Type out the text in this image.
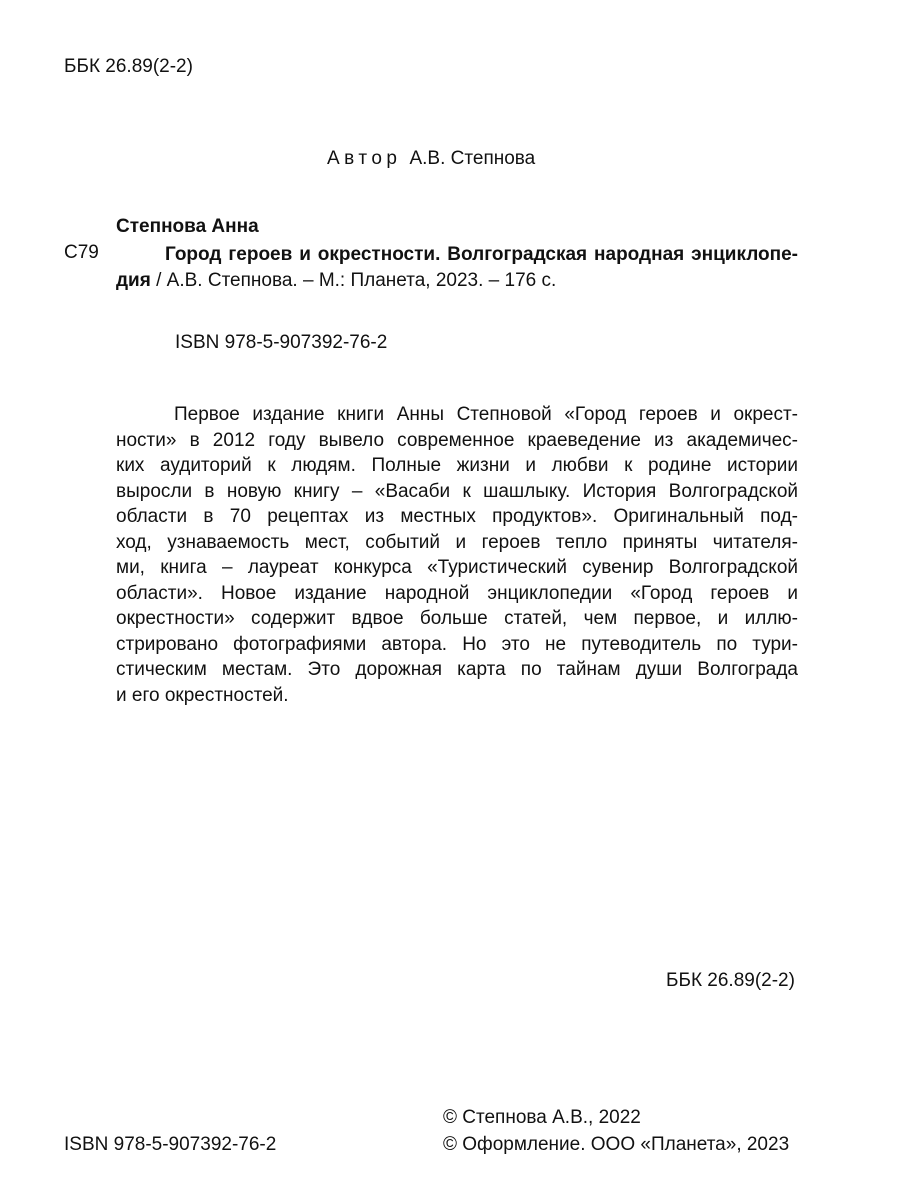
ББК 26.89(2-2)
Автор А.В. Степнова
Степнова Анна
С79	Город героев и окрестности. Волгоградская народная энциклопе-
дия / А.В. Степнова. – М.: Планета, 2023. – 176 с.
ISBN 978-5-907392-76-2
Первое издание книги Анны Степновой «Город героев и окрест-
ности» в 2012 году вывело современное краеведение из академичес-
ких аудиторий к людям. Полные жизни и любви к родине истории
выросли в новую книгу – «Васаби к шашлыку. История Волгоградской
области в 70 рецептах из местных продуктов». Оригинальный под-
ход, узнаваемость мест, событий и героев тепло приняты читателя-
ми, книга – лауреат конкурса «Туристический сувенир Волгоградской
области». Новое издание народной энциклопедии «Город героев и
окрестности» содержит вдвое больше статей, чем первое, и иллю-
стрировано фотографиями автора. Но это не путеводитель по тури-
стическим местам. Это дорожная карта по тайнам души Волгограда
и его окрестностей.
ББК 26.89(2-2)
© Степнова А.В., 2022
ISBN 978-5-907392-76-2	© Оформление. ООО «Планета», 2023
